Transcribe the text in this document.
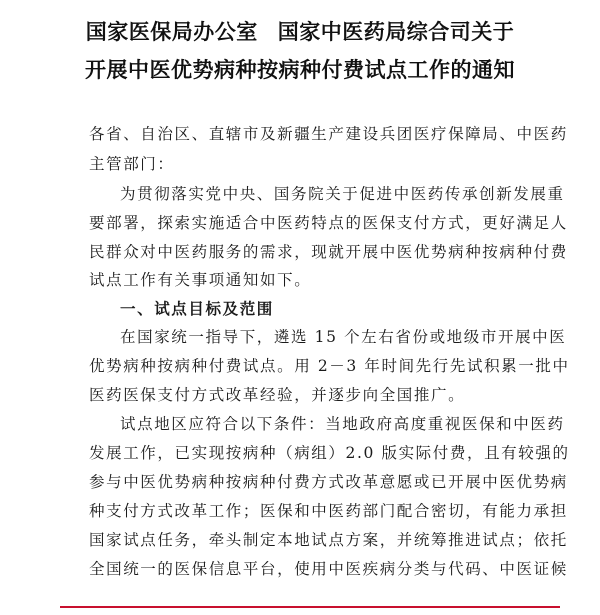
国家医保局办公室 国家中医药局综合司关于
开展中医优势病种按病种付费试点工作的通知
各省、自治区、直辖市及新疆生产建设兵团医疗保障局、中医药
主管部门：
为贯彻落实党中央、国务院关于促进中医药传承创新发展重
要部署，探索实施适合中医药特点的医保支付方式，更好满足人
民群众对中医药服务的需求，现就开展中医优势病种按病种付费
试点工作有关事项通知如下。
一、试点目标及范围
在国家统一指导下，遴选 15 个左右省份或地级市开展中医
优势病种按病种付费试点。用 2－3 年时间先行先试积累一批中
医药医保支付方式改革经验，并逐步向全国推广。
试点地区应符合以下条件：当地政府高度重视医保和中医药
发展工作，已实现按病种（病组）2.0 版实际付费，且有较强的
参与中医优势病种按病种付费方式改革意愿或已开展中医优势病
种支付方式改革工作；医保和中医药部门配合密切，有能力承担
国家试点任务，牵头制定本地试点方案，并统筹推进试点；依托
全国统一的医保信息平台，使用中医疾病分类与代码、中医证候
